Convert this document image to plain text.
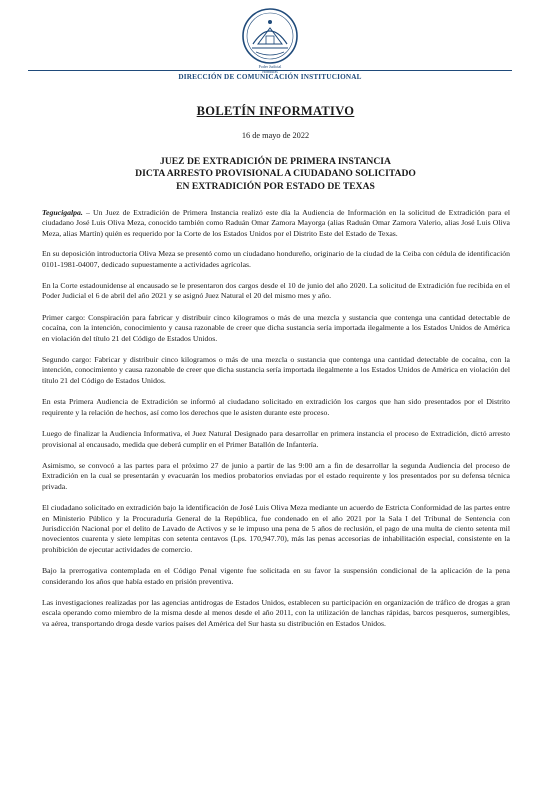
Poder Judicial
Honduras
DIRECCIÓN DE COMUNICACIÓN INSTITUCIONAL
BOLETÍN INFORMATIVO
16 de mayo de 2022
JUEZ DE EXTRADICIÓN DE PRIMERA INSTANCIA
DICTA ARRESTO PROVISIONAL A CIUDADANO SOLICITADO
EN EXTRADICIÓN POR ESTADO DE TEXAS

Tegucigalpa. – Un Juez de Extradición de Primera Instancia realizó este día la Audiencia de Información en la solicitud de Extradición para el ciudadano José Luis Oliva Meza, conocido también como Raduán Omar Zamora Mayorga (alias Raduán Omar Zamora Valerio, alias José Luis Oliva Meza, alias Martín) quién es requerido por la Corte de los Estados Unidos por el Distrito Este del Estado de Texas.

En su deposición introductoria Oliva Meza se presentó como un ciudadano hondureño, originario de la ciudad de la Ceiba con cédula de identificación 0101-1981-04007, dedicado supuestamente a actividades agrícolas.

En la Corte estadounidense al encausado se le presentaron dos cargos desde el 10 de junio del año 2020. La solicitud de Extradición fue recibida en el Poder Judicial el 6 de abril del año 2021 y se asignó Juez Natural el 20 del mismo mes y año.

Primer cargo: Conspiración para fabricar y distribuir cinco kilogramos o más de una mezcla y sustancia que contenga una cantidad detectable de cocaína, con la intención, conocimiento y causa razonable de creer que dicha sustancia sería importada ilegalmente a los Estados Unidos de América en violación del título 21 del Código de Estados Unidos.

Segundo cargo: Fabricar y distribuir cinco kilogramos o más de una mezcla o sustancia que contenga una cantidad detectable de cocaína, con la intención, conocimiento y causa razonable de creer que dicha sustancia sería importada ilegalmente a los Estados Unidos de América en violación del título 21 del Código de Estados Unidos.

En esta Primera Audiencia de Extradición se informó al ciudadano solicitado en extradición los cargos que han sido presentados por el Distrito requirente y la relación de hechos, así como los derechos que le asisten durante este proceso.

Luego de finalizar la Audiencia Informativa, el Juez Natural Designado para desarrollar en primera instancia el proceso de Extradición, dictó arresto provisional al encausado, medida que deberá cumplir en el Primer Batallón de Infantería.

Asimismo, se convocó a las partes para el próximo 27 de junio a partir de las 9:00 am a fin de desarrollar la segunda Audiencia del proceso de Extradición en la cual se presentarán y evacuarán los medios probatorios enviadas por el estado requirente y los presentados por su defensa técnica privada.

El ciudadano solicitado en extradición bajo la identificación de José Luis Oliva Meza mediante un acuerdo de Estricta Conformidad de las partes entre en Ministerio Público y la Procuraduría General de la República, fue condenado en el año 2021 por la Sala I del Tribunal de Sentencia con Jurisdicción Nacional por el delito de Lavado de Activos y se le impuso una pena de 5 años de reclusión, el pago de una multa de ciento setenta mil novecientos cuarenta y siete lempitas con setenta centavos (Lps. 170,947.70), más las penas accesorias de inhabilitación especial, consistente en la prohibición de ejecutar actividades de comercio.

Bajo la prerrogativa contemplada en el Código Penal vigente fue solicitada en su favor la suspensión condicional de la aplicación de la pena considerando los años que había estado en prisión preventiva.

Las investigaciones realizadas por las agencias antidrogas de Estados Unidos, establecen su participación en organización de tráfico de drogas a gran escala operando como miembro de la misma desde al menos desde el año 2011, con la utilización de lanchas rápidas, barcos pesqueros, sumergibles, va aérea, transportando droga desde varios países del América del Sur hasta su distribución en Estados Unidos.
